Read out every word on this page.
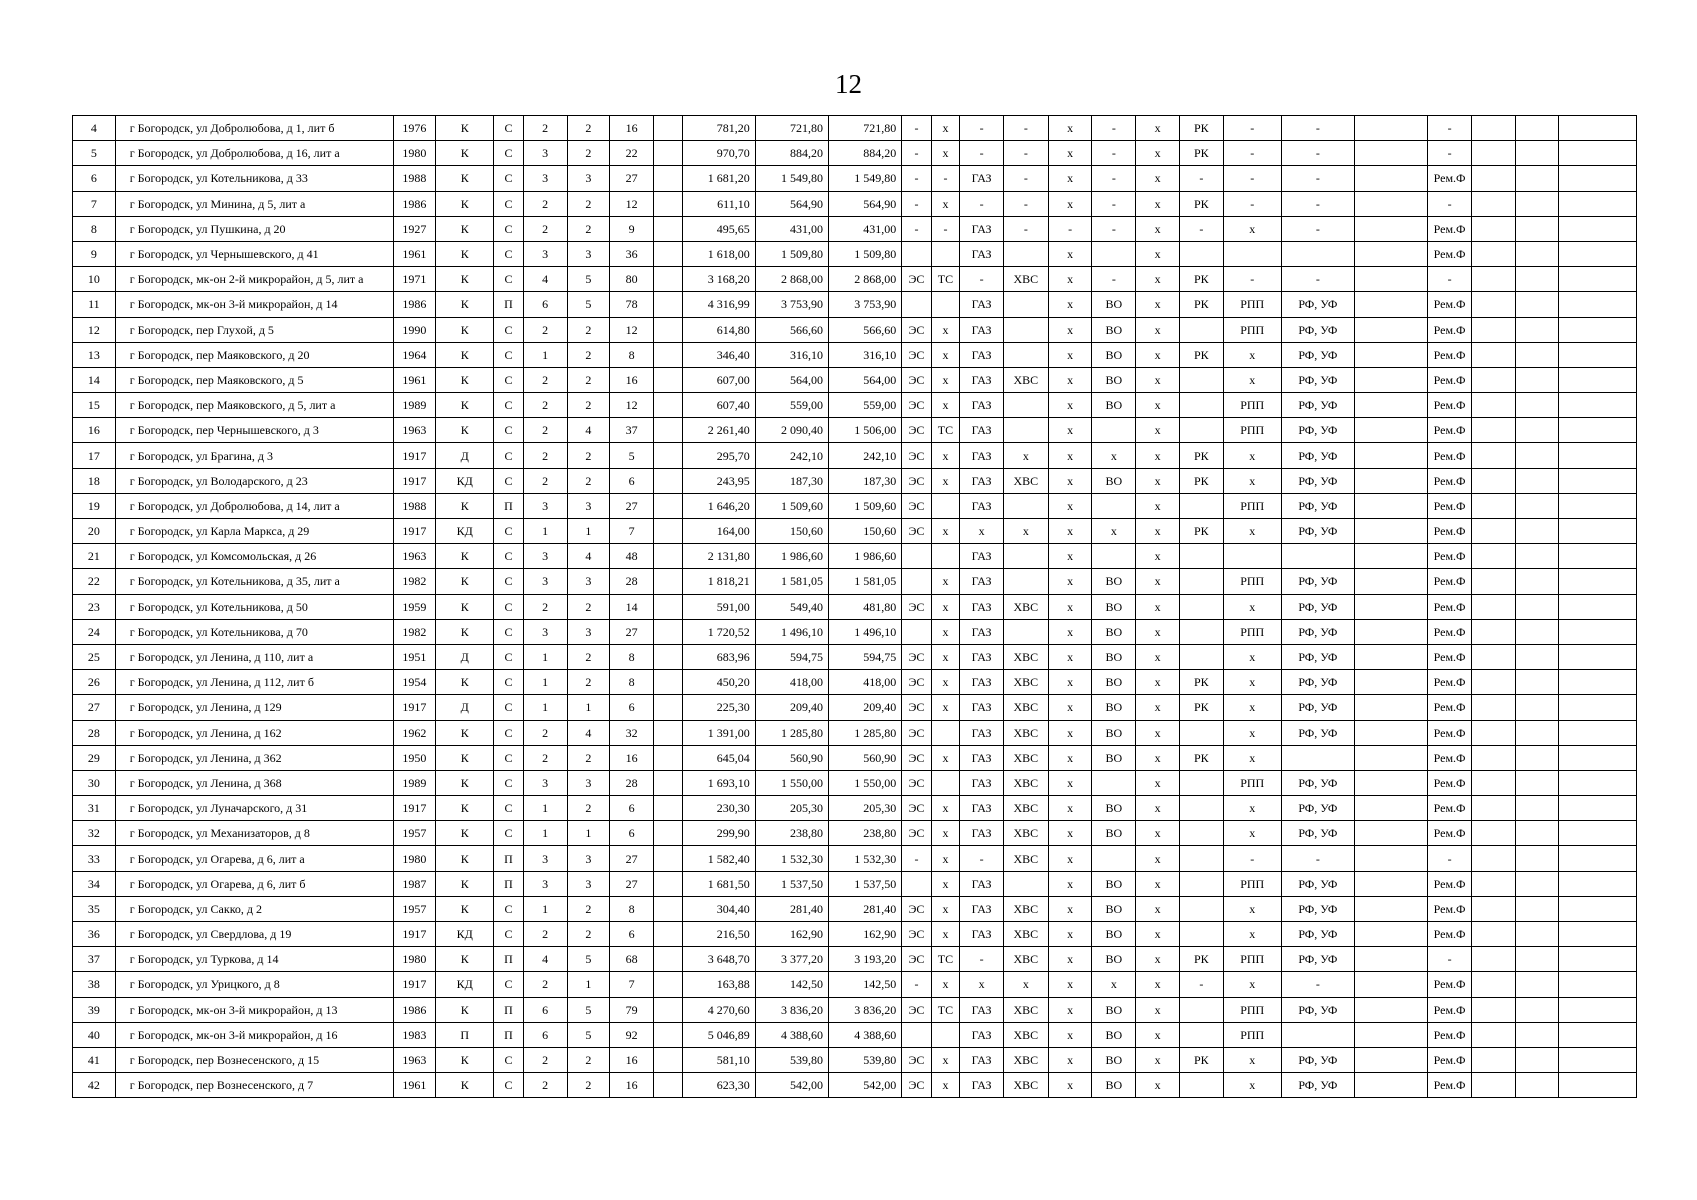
12
4	г Богородск, ул Добролюбова, д 1, лит б	1976	К	С	2	2	16		781,20	721,80	721,80	-	х	-	-	х	-	х	РК	-	-		-			
5	г Богородск, ул Добролюбова, д 16, лит а	1980	К	С	3	2	22		970,70	884,20	884,20	-	х	-	-	х	-	х	РК	-	-		-			
6	г Богородск, ул Котельникова, д 33	1988	К	С	3	3	27		1 681,20	1 549,80	1 549,80	-	-	ГАЗ	-	х	-	х	-	-	-		Рем.Ф			
7	г Богородск, ул Минина, д 5, лит а	1986	К	С	2	2	12		611,10	564,90	564,90	-	х	-	-	х	-	х	РК	-	-		-			
8	г Богородск, ул Пушкина, д 20	1927	К	С	2	2	9		495,65	431,00	431,00	-	-	ГАЗ	-	-	-	х	-	х	-		Рем.Ф			
9	г Богородск, ул Чернышевского, д 41	1961	К	С	3	3	36		1 618,00	1 509,80	1 509,80			ГАЗ		х		х					Рем.Ф			
10	г Богородск, мк-он 2-й микрорайон, д 5, лит а	1971	К	С	4	5	80		3 168,20	2 868,00	2 868,00	ЭС	ТС	-	ХВС	х	-	х	РК	-	-		-			
11	г Богородск, мк-он 3-й микрорайон, д 14	1986	К	П	6	5	78		4 316,99	3 753,90	3 753,90			ГАЗ		х	ВО	х	РК	РПП	РФ, УФ		Рем.Ф			
12	г Богородск, пер Глухой, д 5	1990	К	С	2	2	12		614,80	566,60	566,60	ЭС	х	ГАЗ		х	ВО	х		РПП	РФ, УФ		Рем.Ф			
13	г Богородск, пер Маяковского, д 20	1964	К	С	1	2	8		346,40	316,10	316,10	ЭС	х	ГАЗ		х	ВО	х	РК	х	РФ, УФ		Рем.Ф			
14	г Богородск, пер Маяковского, д 5	1961	К	С	2	2	16		607,00	564,00	564,00	ЭС	х	ГАЗ	ХВС	х	ВО	х		х	РФ, УФ		Рем.Ф			
15	г Богородск, пер Маяковского, д 5, лит а	1989	К	С	2	2	12		607,40	559,00	559,00	ЭС	х	ГАЗ		х	ВО	х		РПП	РФ, УФ		Рем.Ф			
16	г Богородск, пер Чернышевского, д 3	1963	К	С	2	4	37		2 261,40	2 090,40	1 506,00	ЭС	ТС	ГАЗ		х		х		РПП	РФ, УФ		Рем.Ф			
17	г Богородск, ул Брагина, д 3	1917	Д	С	2	2	5		295,70	242,10	242,10	ЭС	х	ГАЗ	х	х	х	х	РК	х	РФ, УФ		Рем.Ф			
18	г Богородск, ул Володарского, д 23	1917	КД	С	2	2	6		243,95	187,30	187,30	ЭС	х	ГАЗ	ХВС	х	ВО	х	РК	х	РФ, УФ		Рем.Ф			
19	г Богородск, ул Добролюбова, д 14, лит а	1988	К	П	3	3	27		1 646,20	1 509,60	1 509,60	ЭС		ГАЗ		х		х		РПП	РФ, УФ		Рем.Ф			
20	г Богородск, ул Карла Маркса, д 29	1917	КД	С	1	1	7		164,00	150,60	150,60	ЭС	х	х	х	х	х	х	РК	х	РФ, УФ		Рем.Ф			
21	г Богородск, ул Комсомольская, д 26	1963	К	С	3	4	48		2 131,80	1 986,60	1 986,60			ГАЗ		х		х					Рем.Ф			
22	г Богородск, ул Котельникова, д 35, лит а	1982	К	С	3	3	28		1 818,21	1 581,05	1 581,05		х	ГАЗ		х	ВО	х		РПП	РФ, УФ		Рем.Ф			
23	г Богородск, ул Котельникова, д 50	1959	К	С	2	2	14		591,00	549,40	481,80	ЭС	х	ГАЗ	ХВС	х	ВО	х		х	РФ, УФ		Рем.Ф			
24	г Богородск, ул Котельникова, д 70	1982	К	С	3	3	27		1 720,52	1 496,10	1 496,10		х	ГАЗ		х	ВО	х		РПП	РФ, УФ		Рем.Ф			
25	г Богородск, ул Ленина, д 110, лит а	1951	Д	С	1	2	8		683,96	594,75	594,75	ЭС	х	ГАЗ	ХВС	х	ВО	х		х	РФ, УФ		Рем.Ф			
26	г Богородск, ул Ленина, д 112, лит б	1954	К	С	1	2	8		450,20	418,00	418,00	ЭС	х	ГАЗ	ХВС	х	ВО	х	РК	х	РФ, УФ		Рем.Ф			
27	г Богородск, ул Ленина, д 129	1917	Д	С	1	1	6		225,30	209,40	209,40	ЭС	х	ГАЗ	ХВС	х	ВО	х	РК	х	РФ, УФ		Рем.Ф			
28	г Богородск, ул Ленина, д 162	1962	К	С	2	4	32		1 391,00	1 285,80	1 285,80	ЭС		ГАЗ	ХВС	х	ВО	х		х	РФ, УФ		Рем.Ф			
29	г Богородск, ул Ленина, д 362	1950	К	С	2	2	16		645,04	560,90	560,90	ЭС	х	ГАЗ	ХВС	х	ВО	х	РК	х			Рем.Ф			
30	г Богородск, ул Ленина, д 368	1989	К	С	3	3	28		1 693,10	1 550,00	1 550,00	ЭС		ГАЗ	ХВС	х		х		РПП	РФ, УФ		Рем.Ф			
31	г Богородск, ул Луначарского, д 31	1917	К	С	1	2	6		230,30	205,30	205,30	ЭС	х	ГАЗ	ХВС	х	ВО	х		х	РФ, УФ		Рем.Ф			
32	г Богородск, ул Механизаторов, д 8	1957	К	С	1	1	6		299,90	238,80	238,80	ЭС	х	ГАЗ	ХВС	х	ВО	х		х	РФ, УФ		Рем.Ф			
33	г Богородск, ул Огарева, д 6, лит а	1980	К	П	3	3	27		1 582,40	1 532,30	1 532,30	-	х	-	ХВС	х		х		-	-		-			
34	г Богородск, ул Огарева, д 6, лит б	1987	К	П	3	3	27		1 681,50	1 537,50	1 537,50		х	ГАЗ		х	ВО	х		РПП	РФ, УФ		Рем.Ф			
35	г Богородск, ул Сакко, д 2	1957	К	С	1	2	8		304,40	281,40	281,40	ЭС	х	ГАЗ	ХВС	х	ВО	х		х	РФ, УФ		Рем.Ф			
36	г Богородск, ул Свердлова, д 19	1917	КД	С	2	2	6		216,50	162,90	162,90	ЭС	х	ГАЗ	ХВС	х	ВО	х		х	РФ, УФ		Рем.Ф			
37	г Богородск, ул Туркова, д 14	1980	К	П	4	5	68		3 648,70	3 377,20	3 193,20	ЭС	ТС	-	ХВС	х	ВО	х	РК	РПП	РФ, УФ		-			
38	г Богородск, ул Урицкого, д 8	1917	КД	С	2	1	7		163,88	142,50	142,50	-	х	х	х	х	х	х	-	х	-		Рем.Ф			
39	г Богородск, мк-он 3-й микрорайон, д 13	1986	К	П	6	5	79		4 270,60	3 836,20	3 836,20	ЭС	ТС	ГАЗ	ХВС	х	ВО	х		РПП	РФ, УФ		Рем.Ф			
40	г Богородск, мк-он 3-й микрорайон, д 16	1983	П	П	6	5	92		5 046,89	4 388,60	4 388,60			ГАЗ	ХВС	х	ВО	х		РПП			Рем.Ф			
41	г Богородск, пер Вознесенского, д 15	1963	К	С	2	2	16		581,10	539,80	539,80	ЭС	х	ГАЗ	ХВС	х	ВО	х	РК	х	РФ, УФ		Рем.Ф			
42	г Богородск, пер Вознесенского, д 7	1961	К	С	2	2	16		623,30	542,00	542,00	ЭС	х	ГАЗ	ХВС	х	ВО	х		х	РФ, УФ		Рем.Ф			
